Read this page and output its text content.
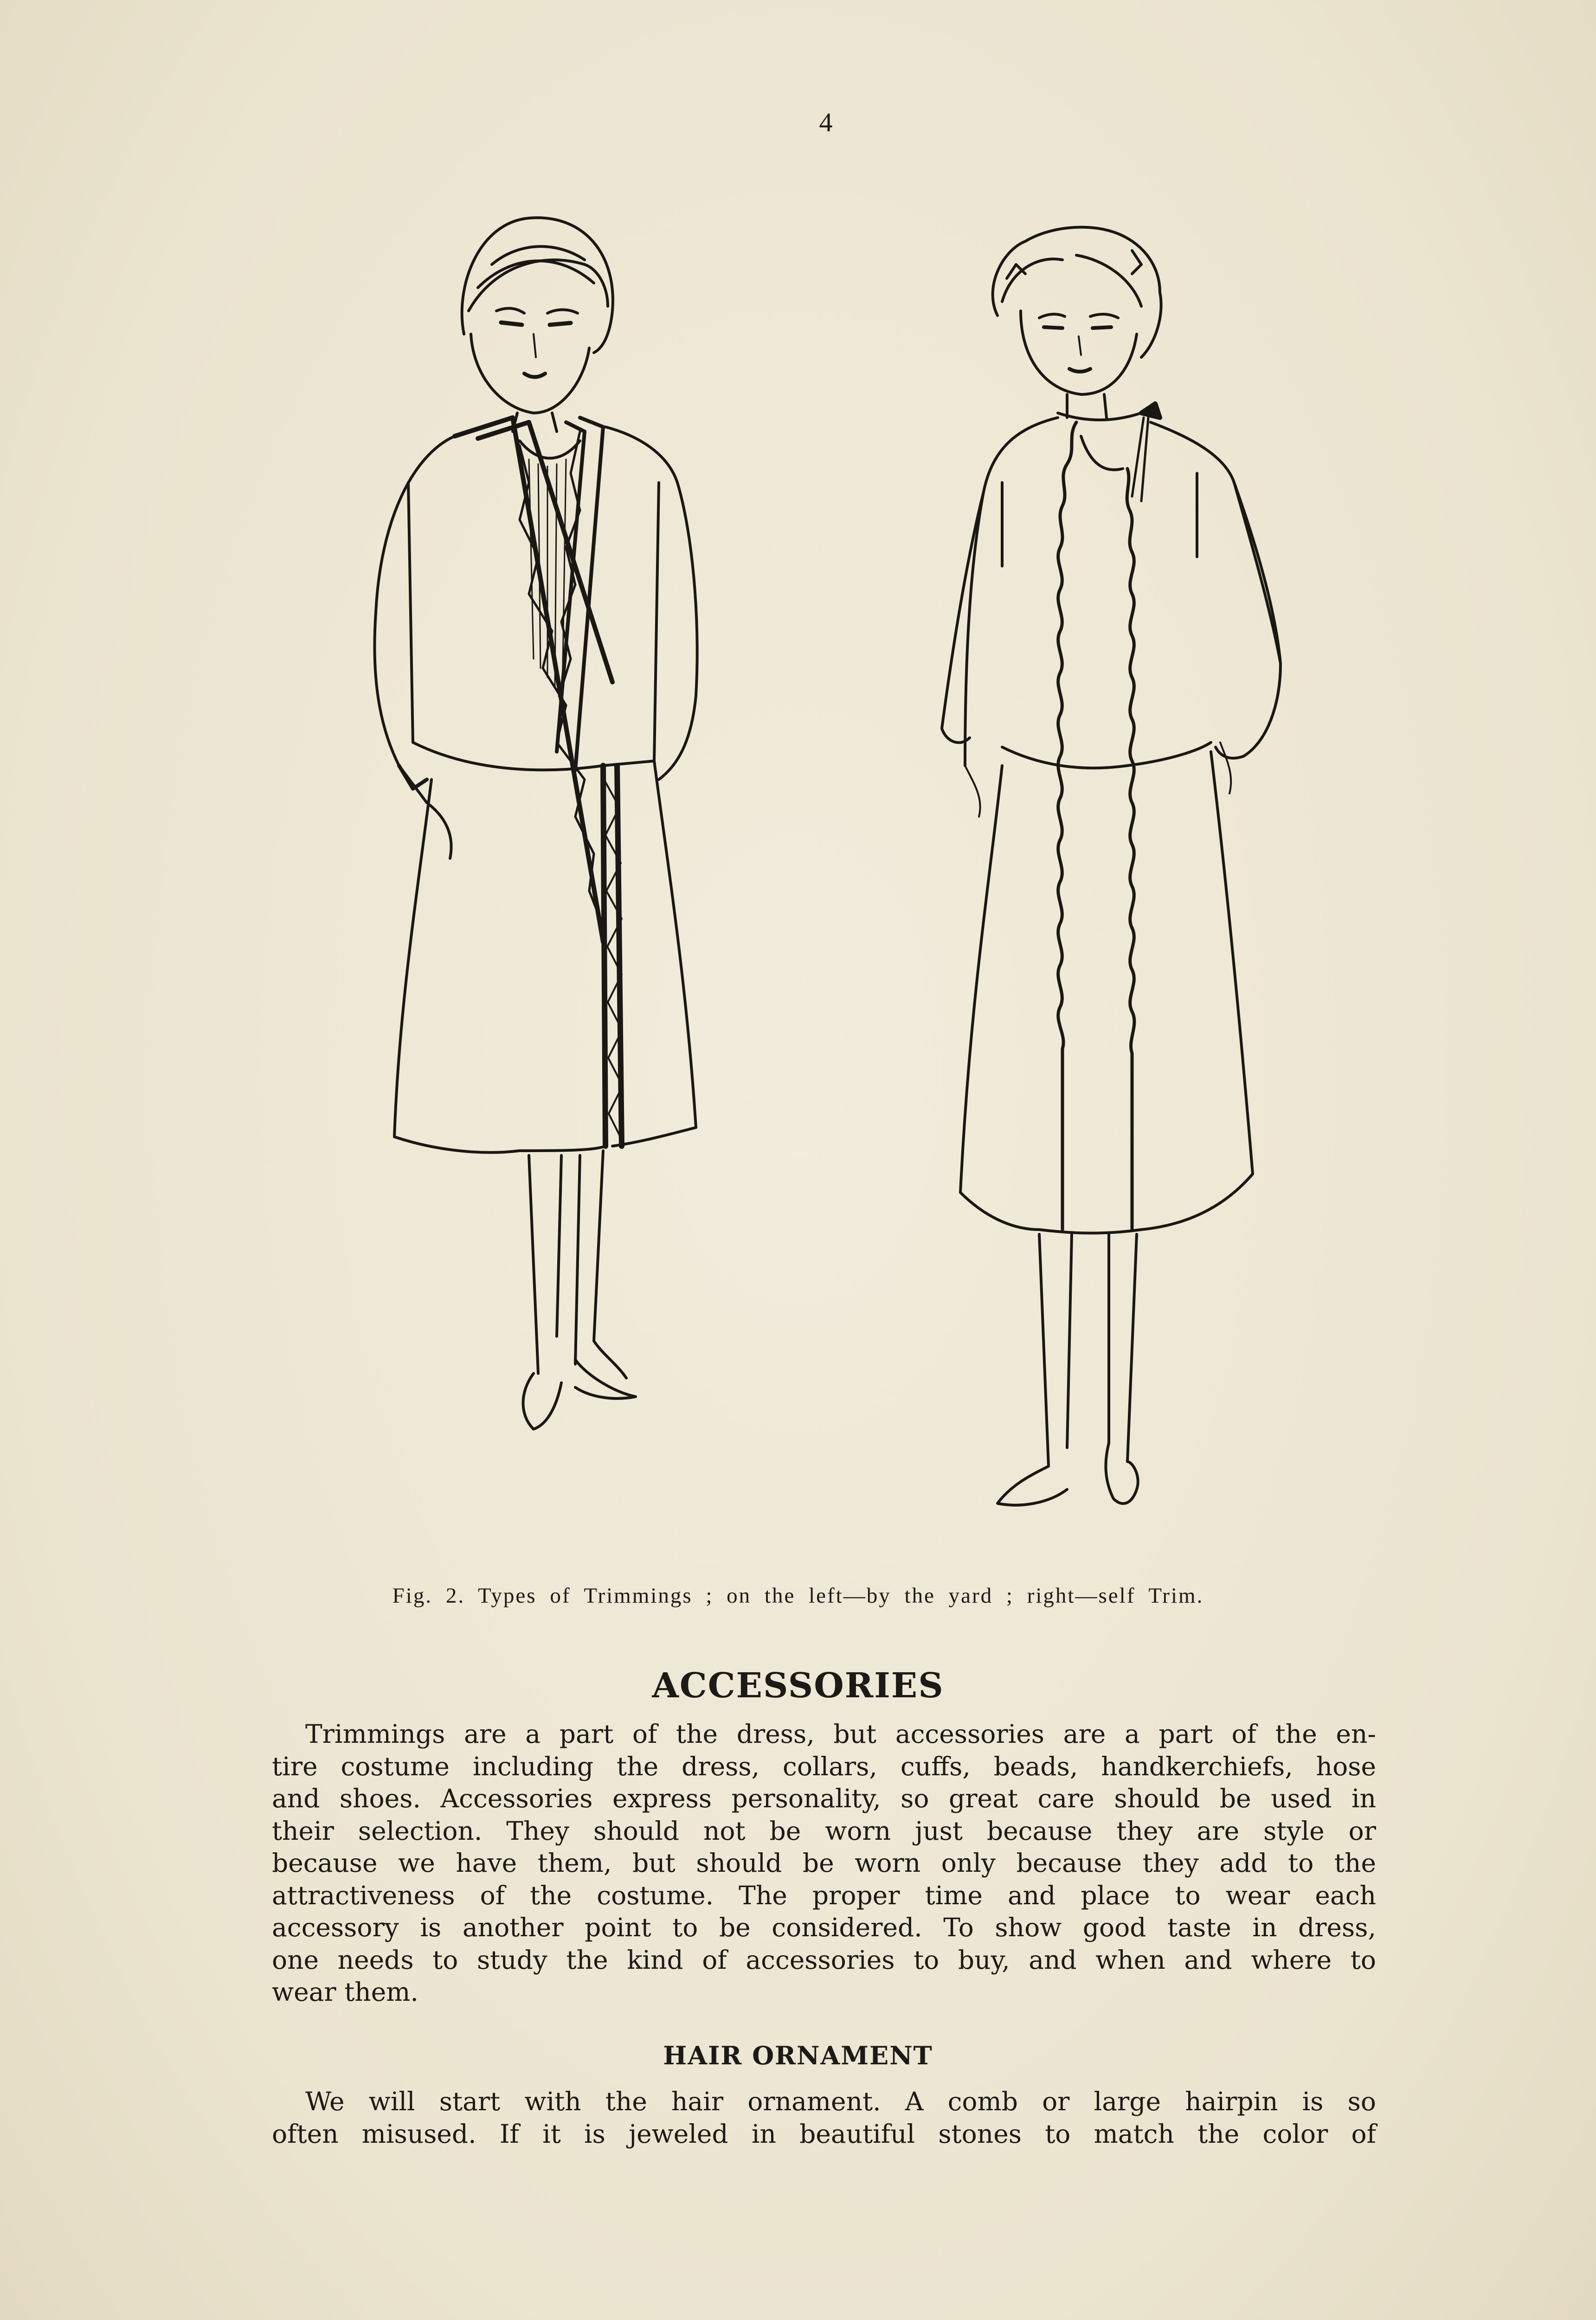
4
Fig. 2. Types of Trimmings ; on the left—by the yard ; right—self Trim.
ACCESSORIES
Trimmings are a part of the dress, but accessories are a part of the en-
tire costume including the dress, collars, cuffs, beads, handkerchiefs, hose
and shoes. Accessories express personality, so great care should be used in
their selection. They should not be worn just because they are style or
because we have them, but should be worn only because they add to the
attractiveness of the costume. The proper time and place to wear each
accessory is another point to be considered. To show good taste in dress,
one needs to study the kind of accessories to buy, and when and where to
wear them.
HAIR ORNAMENT
We will start with the hair ornament. A comb or large hairpin is so
often misused. If it is jeweled in beautiful stones to match the color of
